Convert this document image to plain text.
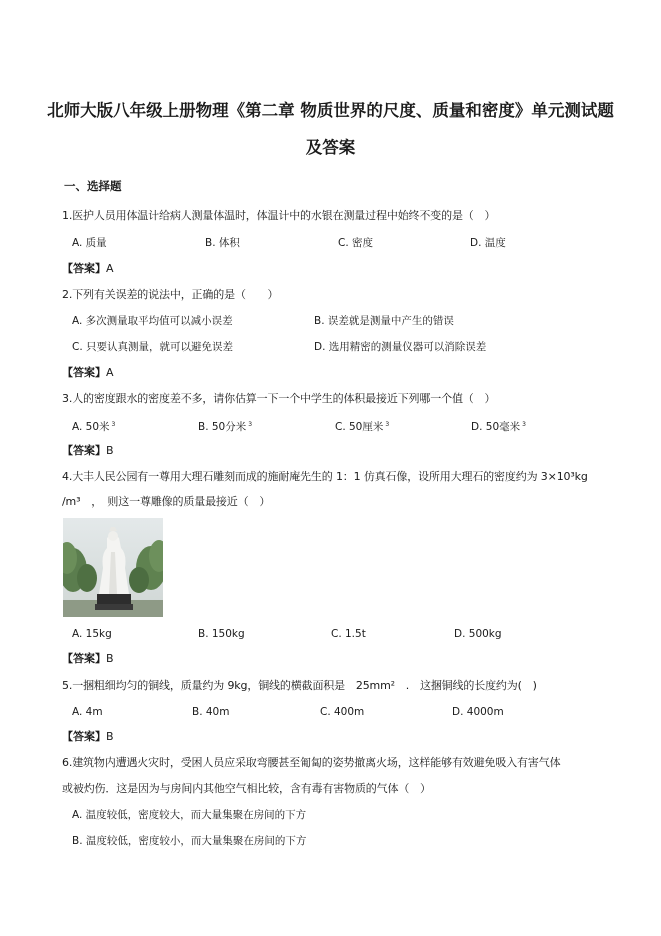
北师大版八年级上册物理《第二章 物质世界的尺度、质量和密度》单元测试题
及答案
一、选择题
1.医护人员用体温计给病人测量体温时，体温计中的水银在测量过程中始终不变的是（　）
A. 质量	B. 体积	C. 密度	D. 温度
【答案】A
2.下列有关误差的说法中，正确的是（　　）
A. 多次测量取平均值可以减小误差	B. 误差就是测量中产生的错误
C. 只要认真测量，就可以避免误差	D. 选用精密的测量仪器可以消除误差
【答案】A
3.人的密度跟水的密度差不多，请你估算一下一个中学生的体积最接近下列哪一个值（　）
A. 50米 $^3$	B. 50分米 $^3$	C. 50厘米 $^3$	D. 50毫米 $^3$
【答案】B
4.大丰人民公园有一尊用大理石雕刻而成的施耐庵先生的 1：1 仿真石像，设所用大理石的密度约为 3×10³kg
/m³　，　则这一尊雕像的质量最接近（　）
A. 15kg	B. 150kg	C. 1.5t	D. 500kg
【答案】B
5.一捆粗细均匀的铜线，质量约为 9kg，铜线的横截面积是　25mm²　.　这捆铜线的长度约为(　)
A. 4m	B. 40m	C. 400m	D. 4000m
【答案】B
6.建筑物内遭遇火灾时，受困人员应采取弯腰甚至匍匐的姿势撤离火场，这样能够有效避免吸入有害气体
或被灼伤．这是因为与房间内其他空气相比较，含有毒有害物质的气体（　）
A. 温度较低，密度较大，而大量集聚在房间的下方
B. 温度较低，密度较小，而大量集聚在房间的下方
